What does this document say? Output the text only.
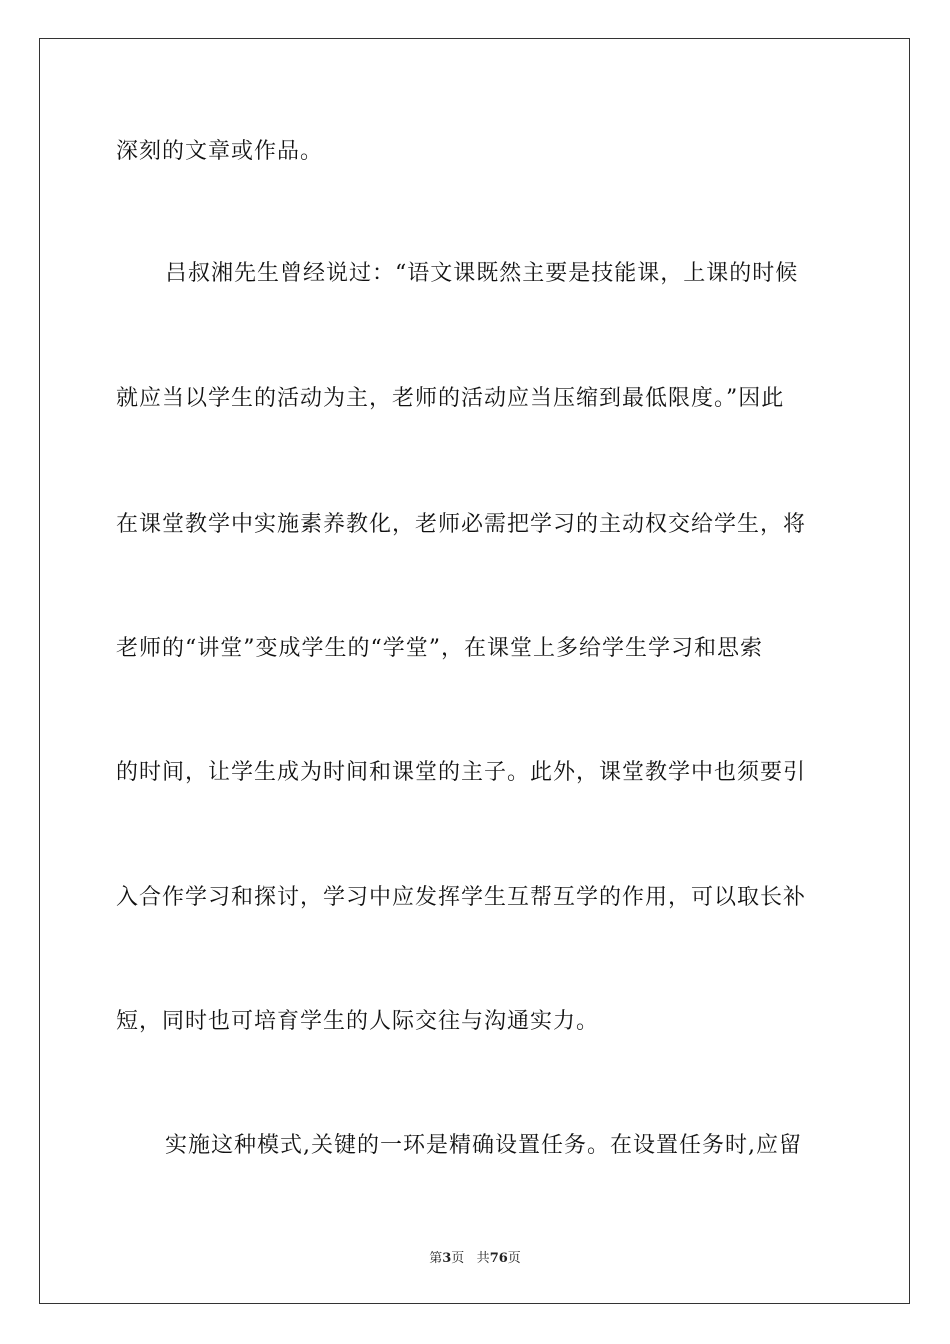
深刻的文章或作品。
吕叔湘先生曾经说过：“语文课既然主要是技能课，上课的时候
就应当以学生的活动为主，老师的活动应当压缩到最低限度。”因此
在课堂教学中实施素养教化，老师必需把学习的主动权交给学生，将
老师的“讲堂”变成学生的“学堂”，在课堂上多给学生学习和思索
的时间，让学生成为时间和课堂的主子。此外，课堂教学中也须要引
入合作学习和探讨，学习中应发挥学生互帮互学的作用，可以取长补
短，同时也可培育学生的人际交往与沟通实力。
实施这种模式,关键的一环是精确设置任务。在设置任务时,应留
第3页 共76页
